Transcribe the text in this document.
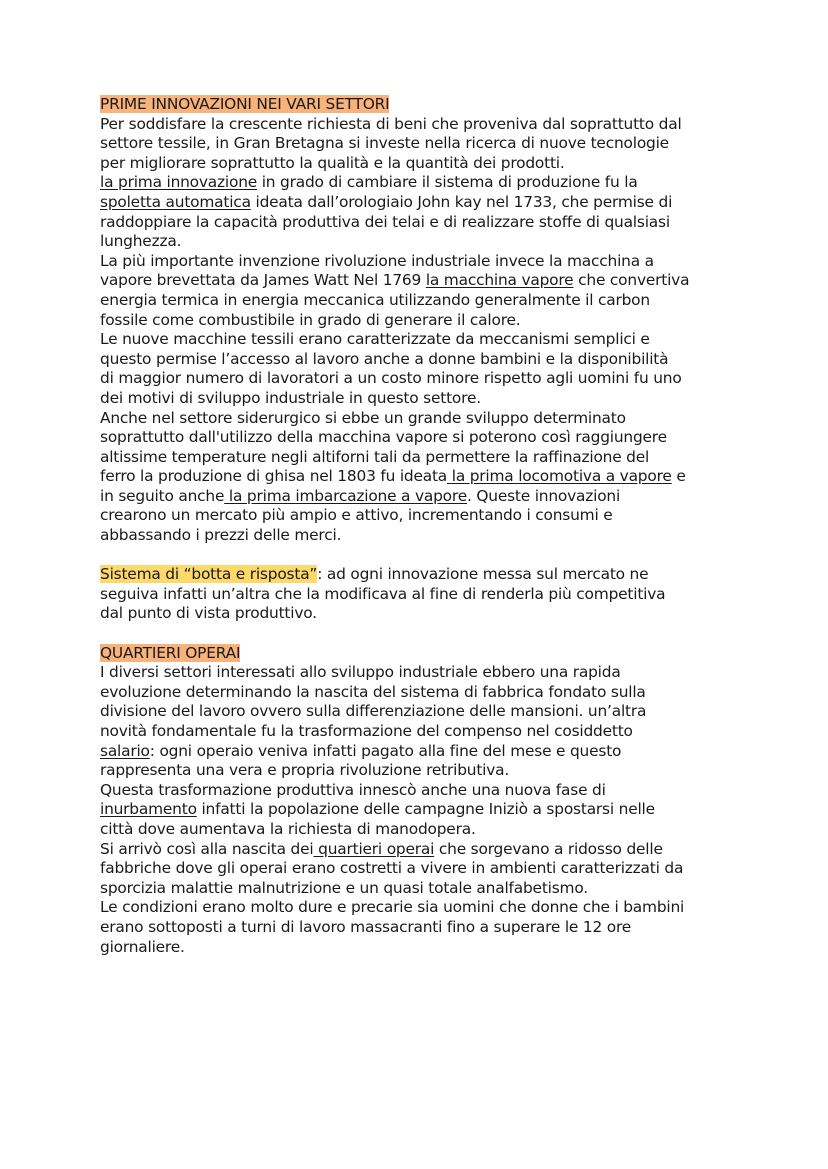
PRIME INNOVAZIONI NEI VARI SETTORI
Per soddisfare la crescente richiesta di beni che proveniva dal soprattutto dal
settore tessile, in Gran Bretagna si investe nella ricerca di nuove tecnologie
per migliorare soprattutto la qualità e la quantità dei prodotti.
la prima innovazione in grado di cambiare il sistema di produzione fu la
spoletta automatica ideata dall’orologiaio John kay nel 1733, che permise di
raddoppiare la capacità produttiva dei telai e di realizzare stoffe di qualsiasi
lunghezza.
La più importante invenzione rivoluzione industriale invece la macchina a
vapore brevettata da James Watt Nel 1769 la macchina vapore che convertiva
energia termica in energia meccanica utilizzando generalmente il carbon
fossile come combustibile in grado di generare il calore.
Le nuove macchine tessili erano caratterizzate da meccanismi semplici e
questo permise l’accesso al lavoro anche a donne bambini e la disponibilità
di maggior numero di lavoratori a un costo minore rispetto agli uomini fu uno
dei motivi di sviluppo industriale in questo settore.
Anche nel settore siderurgico si ebbe un grande sviluppo determinato
soprattutto dall'utilizzo della macchina vapore si poterono così raggiungere
altissime temperature negli altiforni tali da permettere la raffinazione del
ferro la produzione di ghisa nel 1803 fu ideata la prima locomotiva a vapore e
in seguito anche la prima imbarcazione a vapore. Queste innovazioni
crearono un mercato più ampio e attivo, incrementando i consumi e
abbassando i prezzi delle merci.
Sistema di “botta e risposta”: ad ogni innovazione messa sul mercato ne
seguiva infatti un’altra che la modificava al fine di renderla più competitiva
dal punto di vista produttivo.
QUARTIERI OPERAI
I diversi settori interessati allo sviluppo industriale ebbero una rapida
evoluzione determinando la nascita del sistema di fabbrica fondato sulla
divisione del lavoro ovvero sulla differenziazione delle mansioni. un’altra
novità fondamentale fu la trasformazione del compenso nel cosiddetto
salario: ogni operaio veniva infatti pagato alla fine del mese e questo
rappresenta una vera e propria rivoluzione retributiva.
Questa trasformazione produttiva innescò anche una nuova fase di
inurbamento infatti la popolazione delle campagne Iniziò a spostarsi nelle
città dove aumentava la richiesta di manodopera.
Si arrivò così alla nascita dei quartieri operai che sorgevano a ridosso delle
fabbriche dove gli operai erano costretti a vivere in ambienti caratterizzati da
sporcizia malattie malnutrizione e un quasi totale analfabetismo.
Le condizioni erano molto dure e precarie sia uomini che donne che i bambini
erano sottoposti a turni di lavoro massacranti fino a superare le 12 ore
giornaliere.
